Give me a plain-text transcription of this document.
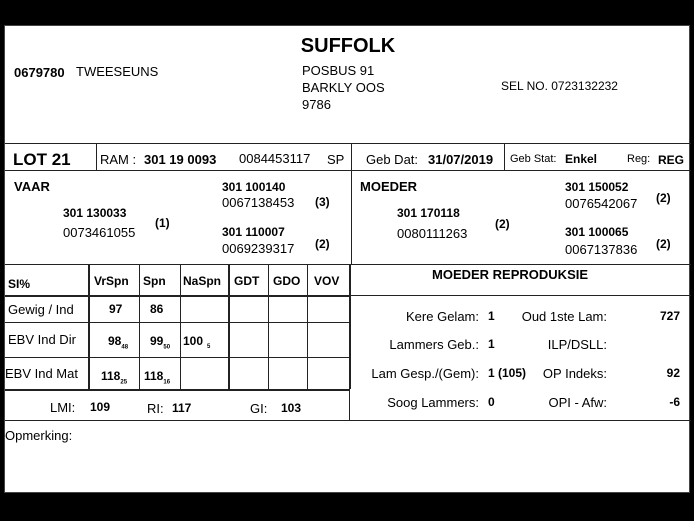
SUFFOLK
0679780 TWEESEUNS	POSBUS 91
BARKLY OOS
9786
SEL NO. 0723132232
LOT 21 RAM : 301 19 0093 0084453117 SP Geb Dat: 31/07/2019 Geb Stat: Enkel	Reg: REG
VAAR	301 100140
0067138453 (3)
301 130033
0073461055
(1)
301 110007
0069239317 (2)
MOEDER	301 150052
0076542067 (2)
301 170118
0080111263
(2)
301 100065
0067137836 (2)
SI%	VrSpn Spn NaSpn GDT GDO VOV
Gewig / Ind	97 86
EBV Ind Dir	$98_{48}$ $99_{50}$ 100 $_5$
EBV Ind Mat $118_{25}$ $118_{16}$
LMI: 109	RI: 117	GI: 103
MOEDER REPRODUKSIE
Kere Gelam: 1 Oud 1ste Lam:	727
Lammers Geb.: 1	ILP/DSLL:
Lam Gesp./(Gem): 1 (105) OP Indeks:	92
Soog Lammers: 0	OPI - Afw:	-6
Opmerking:
